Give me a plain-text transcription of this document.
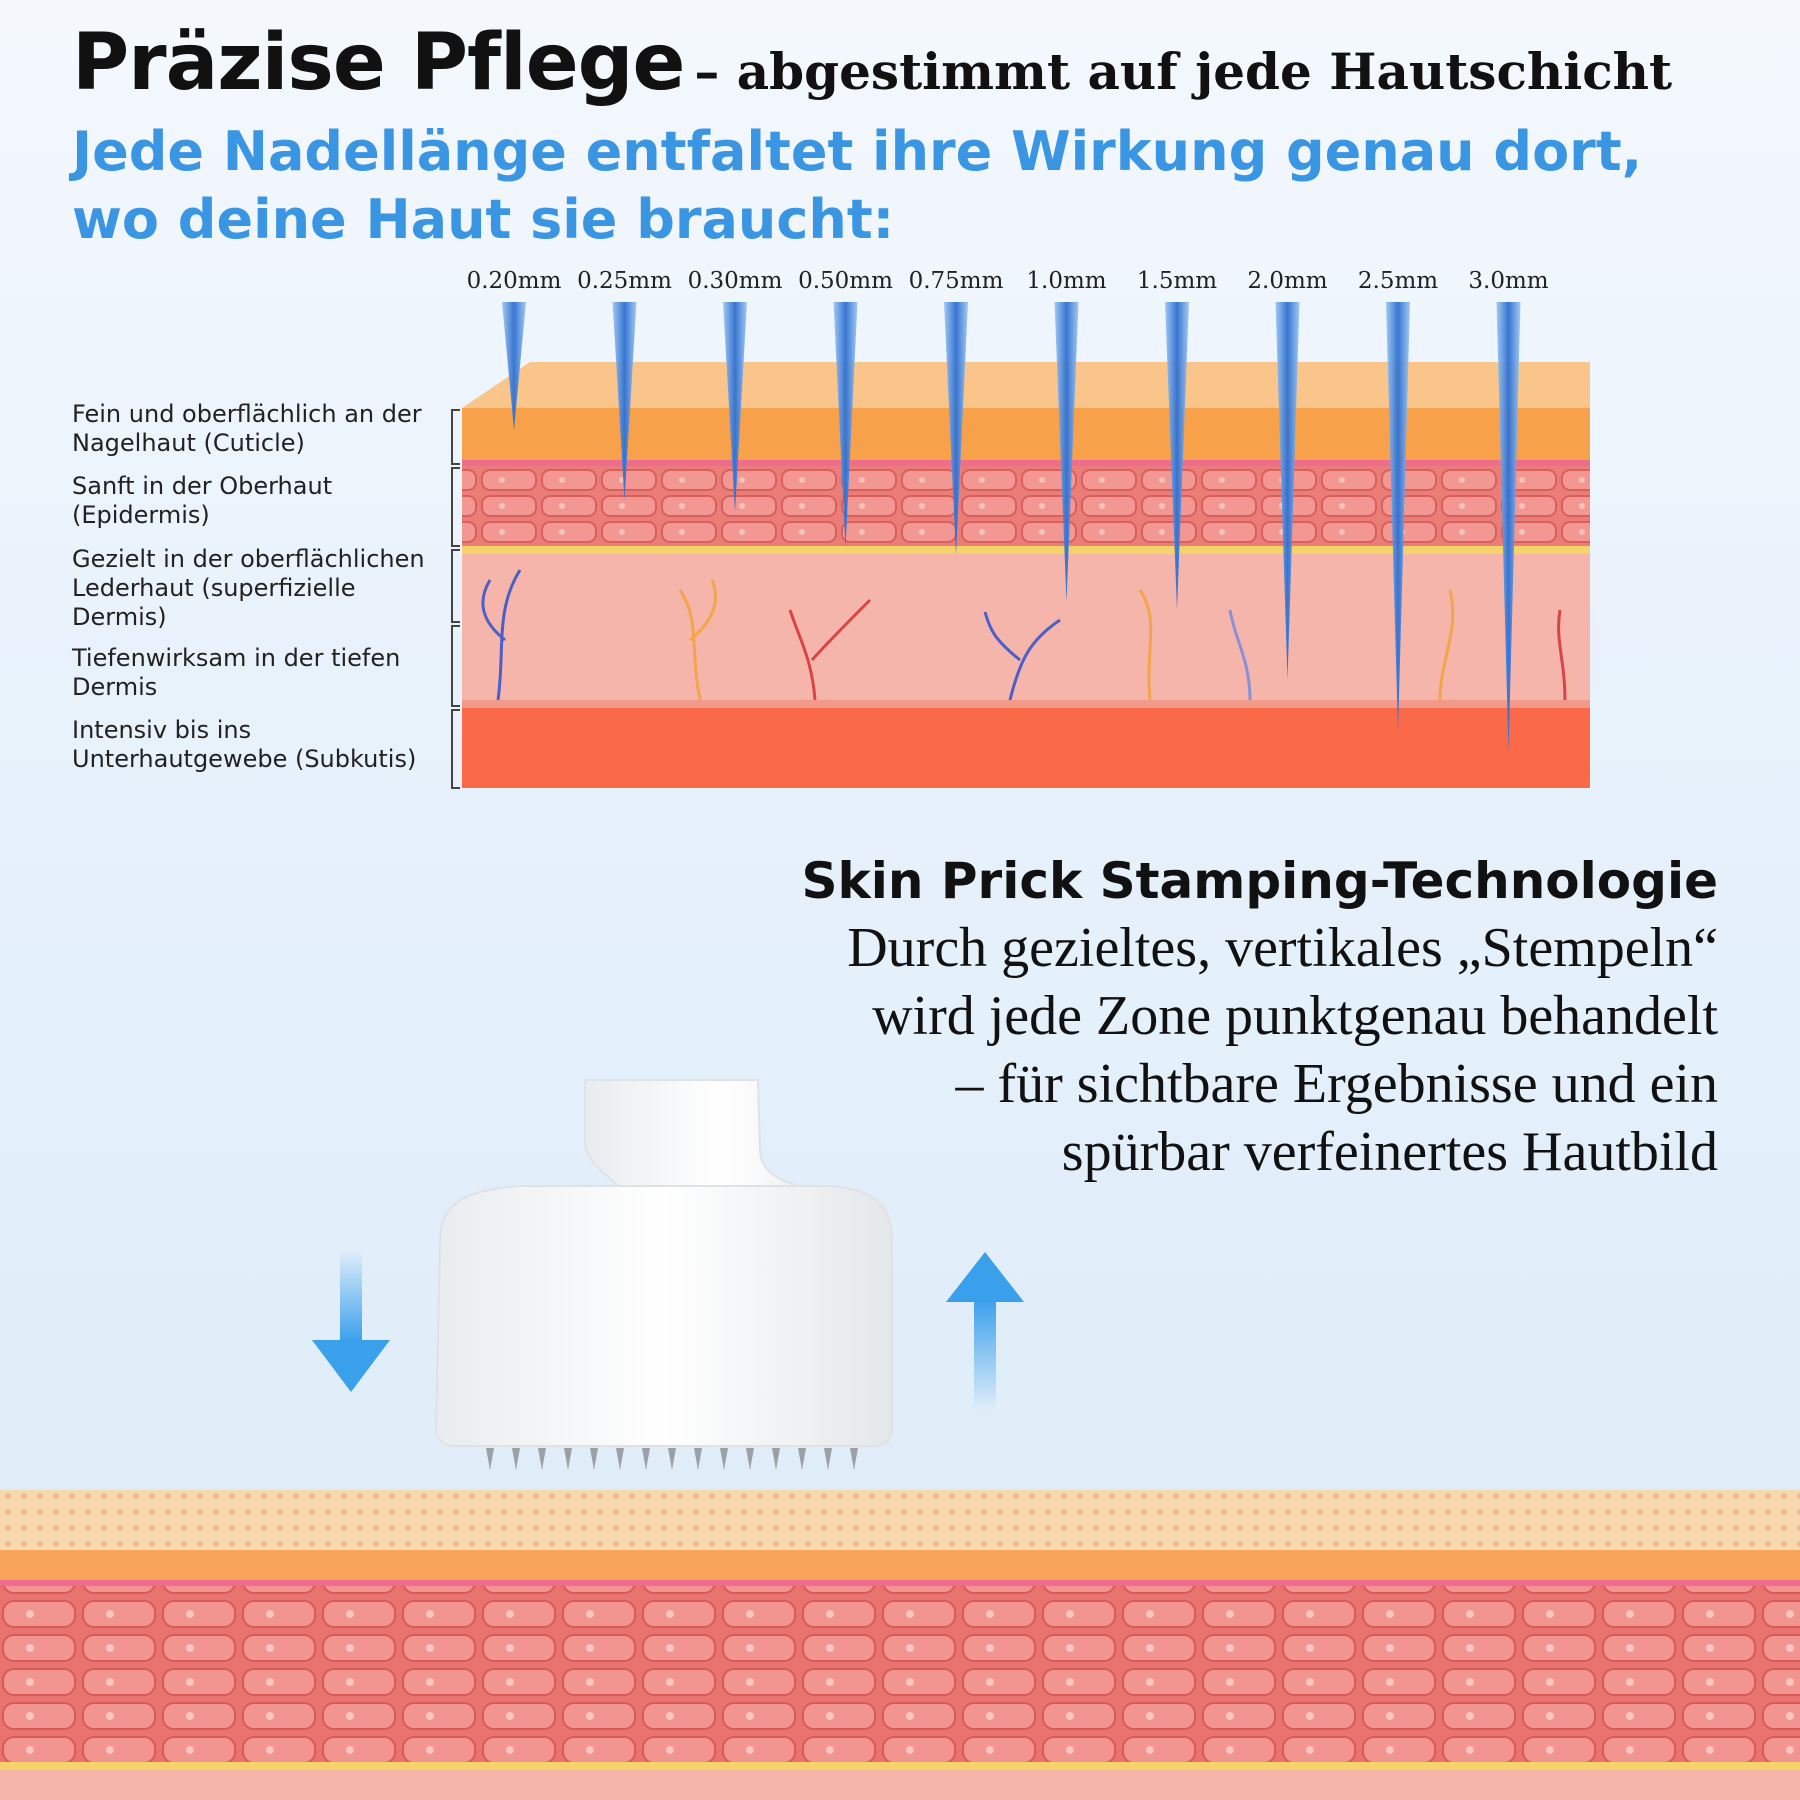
Präzise Pflege – abgestimmt auf jede Hautschicht
Jede Nadellänge entfaltet ihre Wirkung genau dort, wo deine Haut sie braucht:
0.20mm 0.25mm 0.30mm 0.50mm 0.75mm 1.0mm	1.5mm	2.0mm	2.5mm	3.0mm
Fein und oberflächlich an der Nagelhaut (Cuticle)
Sanft in der Oberhaut (Epidermis)
Gezielt in der oberflächlichen Lederhaut (superfizielle Dermis)
Tiefenwirksam in der tiefen Dermis
Intensiv bis ins Unterhautgewebe (Subkutis)
Skin Prick Stamping-Technologie
Durch gezieltes, vertikales „Stempeln“
wird jede Zone punktgenau behandelt
– für sichtbare Ergebnisse und ein
spürbar verfeinertes Hautbild
